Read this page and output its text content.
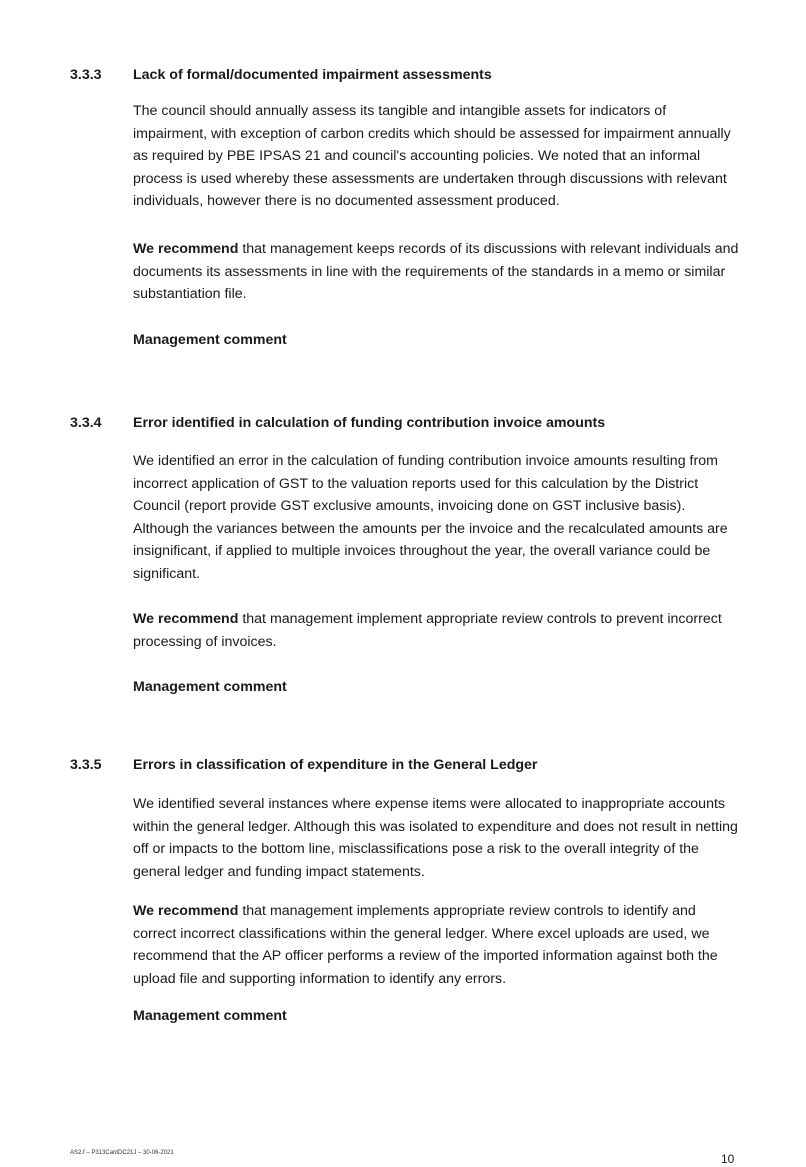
3.3.3 Lack of formal/documented impairment assessments

The council should annually assess its tangible and intangible assets for indicators of impairment, with exception of carbon credits which should be assessed for impairment annually as required by PBE IPSAS 21 and council's accounting policies. We noted that an informal process is used whereby these assessments are undertaken through discussions with relevant individuals, however there is no documented assessment produced.

We recommend that management keeps records of its discussions with relevant individuals and documents its assessments in line with the requirements of the standards in a memo or similar substantiation file.

Management comment
3.3.4 Error identified in calculation of funding contribution invoice amounts

We identified an error in the calculation of funding contribution invoice amounts resulting from incorrect application of GST to the valuation reports used for this calculation by the District Council (report provide GST exclusive amounts, invoicing done on GST inclusive basis). Although the variances between the amounts per the invoice and the recalculated amounts are insignificant, if applied to multiple invoices throughout the year, the overall variance could be significant.

We recommend that management implement appropriate review controls to prevent incorrect processing of invoices.

Management comment
3.3.5 Errors in classification of expenditure in the General Ledger

We identified several instances where expense items were allocated to inappropriate accounts within the general ledger. Although this was isolated to expenditure and does not result in netting off or impacts to the bottom line, misclassifications pose a risk to the overall integrity of the general ledger and funding impact statements.

We recommend that management implements appropriate review controls to identify and correct incorrect classifications within the general ledger. Where excel uploads are used, we recommend that the AP officer performs a review of the imported information against both the upload file and supporting information to identify any errors.

Management comment
AS2.f – P313CantDC21J – 30-06-2021	10
